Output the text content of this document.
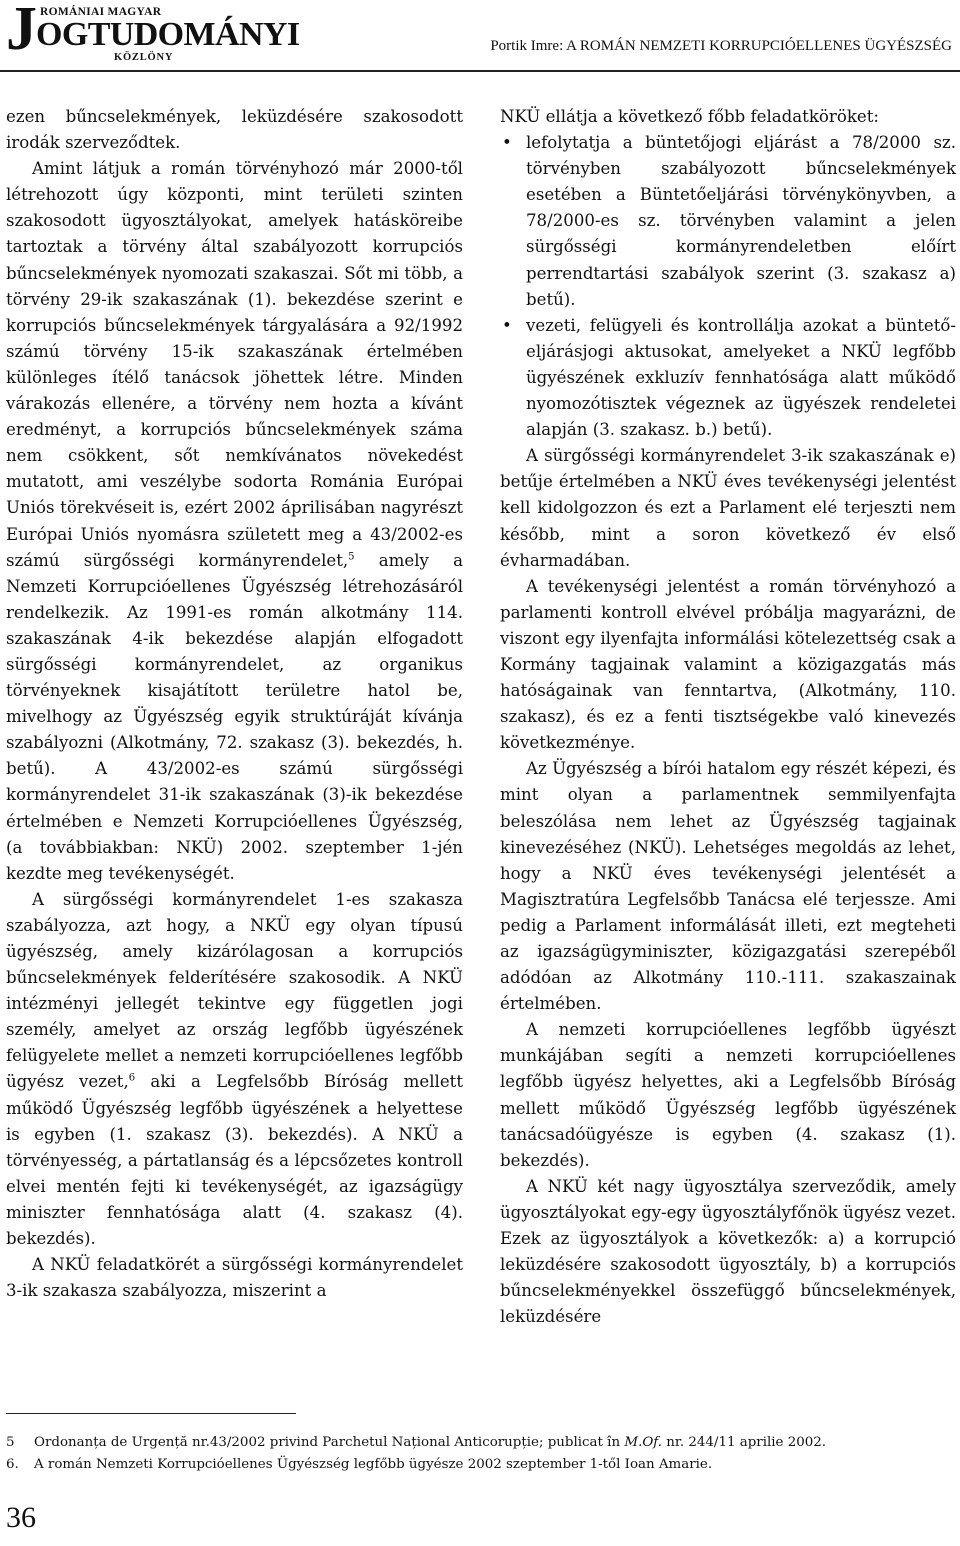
J ROMÁNIAI MAGYAR
OGTUDOMÁNYI
KÖZLÖNY
Portik Imre: A ROMÁN NEMZETI KORRUPCIÓELLENES ÜGYÉSZSÉG

ezen bűncselekmények, leküzdésére szakosodott irodák szerveződtek.

Amint látjuk a román törvényhozó már 2000-től létrehozott úgy központi, mint területi szinten szakosodott ügyosztályokat, amelyek hatásköreibe tartoztak a törvény által szabályozott korrupciós bűncselekmények nyomozati szakaszai. Sőt mi több, a törvény 29-ik szakaszának (1). bekezdése szerint e korrupciós bűncselekmények tárgyalására a 92/1992 számú törvény 15-ik szakaszának értelmében különleges ítélő tanácsok jöhettek létre. Minden várakozás ellenére, a törvény nem hozta a kívánt eredményt, a korrupciós bűncselekmények száma nem csökkent, sőt nemkívánatos növekedést mutatott, ami veszélybe sodorta Románia Európai Uniós törekvéseit is, ezért 2002 áprilisában nagyrészt Európai Uniós nyomásra született meg a 43/2002-es számú sürgősségi kormányrendelet,$^5$ amely a Nemzeti Korrupcióellenes Ügyészség létrehozásáról rendelkezik. Az 1991-es román alkotmány 114. szakaszának 4-ik bekezdése alapján elfogadott sürgősségi kormányrendelet, az organikus törvényeknek kisajátított területre hatol be, mivelhogy az Ügyészség egyik struktúráját kívánja szabályozni (Alkotmány, 72. szakasz (3). bekezdés, h. betű). A 43/2002-es számú sürgősségi kormányrendelet 31-ik szakaszának (3)-ik bekezdése értelmében e Nemzeti Korrupcióellenes Ügyészség, (a továbbiakban: NKÜ) 2002. szeptember 1-jén kezdte meg tevékenységét.

A sürgősségi kormányrendelet 1-es szakasza szabályozza, azt hogy, a NKÜ egy olyan típusú ügyészség, amely kizárólagosan a korrupciós bűncselekmények felderítésére szakosodik. A NKÜ intézményi jellegét tekintve egy független jogi személy, amelyet az ország legfőbb ügyészének felügyelete mellet a nemzeti korrupcióellenes legfőbb ügyész vezet,$^6$ aki a Legfelsőbb Bíróság mellett működő Ügyészség legfőbb ügyészének a helyettese is egyben (1. szakasz (3). bekezdés). A NKÜ a törvényesség, a pártatlanság és a lépcsőzetes kontroll elvei mentén fejti ki tevékenységét, az igazságügy miniszter fennhatósága alatt (4. szakasz (4). bekezdés).

A NKÜ feladatkörét a sürgősségi kormányrendelet 3-ik szakasza szabályozza, miszerint a

NKÜ ellátja a következő főbb feladatköröket:

• lefolytatja a büntetőjogi eljárást a 78/2000 sz. törvényben szabályozott bűncselekmények esetében a Büntetőeljárási törvénykönyvben, a 78/2000-es sz. törvényben valamint a jelen sürgősségi kormányrendeletben előírt perrendtartási szabályok szerint (3. szakasz a) betű).
• vezeti, felügyeli és kontrollálja azokat a büntető-eljárásjogi aktusokat, amelyeket a NKÜ legfőbb ügyészének exkluzív fennhatósága alatt működő nyomozótisztek végeznek az ügyészek rendeletei alapján (3. szakasz. b.) betű).

A sürgősségi kormányrendelet 3-ik szakaszának e) betűje értelmében a NKÜ éves tevékenységi jelentést kell kidolgozzon és ezt a Parlament elé terjeszti nem később, mint a soron következő év első évharmadában.

A tevékenységi jelentést a román törvényhozó a parlamenti kontroll elvével próbálja magyarázni, de viszont egy ilyenfajta informálási kötelezettség csak a Kormány tagjainak valamint a közigazgatás más hatóságainak van fenntartva, (Alkotmány, 110. szakasz), és ez a fenti tisztségekbe való kinevezés következménye.

Az Ügyészség a bírói hatalom egy részét képezi, és mint olyan a parlamentnek semmilyenfajta beleszólása nem lehet az Ügyészség tagjainak kinevezéséhez (NKÜ). Lehetséges megoldás az lehet, hogy a NKÜ éves tevékenységi jelentését a Magisztratúra Legfelsőbb Tanácsa elé terjessze. Ami pedig a Parlament informálását illeti, ezt megteheti az igazságügyminiszter, közigazgatási szerepéből adódóan az Alkotmány 110.-111. szakaszainak értelmében.

A nemzeti korrupcióellenes legfőbb ügyészt munkájában segíti a nemzeti korrupcióellenes legfőbb ügyész helyettes, aki a Legfelsőbb Bíróság mellett működő Ügyészség legfőbb ügyészének tanácsadóügyésze is egyben (4. szakasz (1). bekezdés).

A NKÜ két nagy ügyosztálya szerveződik, amely ügyosztályokat egy-egy ügyosztályfőnök ügyész vezet. Ezek az ügyosztályok a következők: a) a korrupció leküzdésére szakosodott ügyosztály, b) a korrupciós bűncselekményekkel összefüggő bűncselekmények, leküzdésére

5	Ordonanța de Urgență nr.43/2002 privind Parchetul Național Anticorupție; publicat în M.Of. nr. 244/11 aprilie 2002.
6.	A román Nemzeti Korrupcióellenes Ügyészség legfőbb ügyésze 2002 szeptember 1-től Ioan Amarie.
36
